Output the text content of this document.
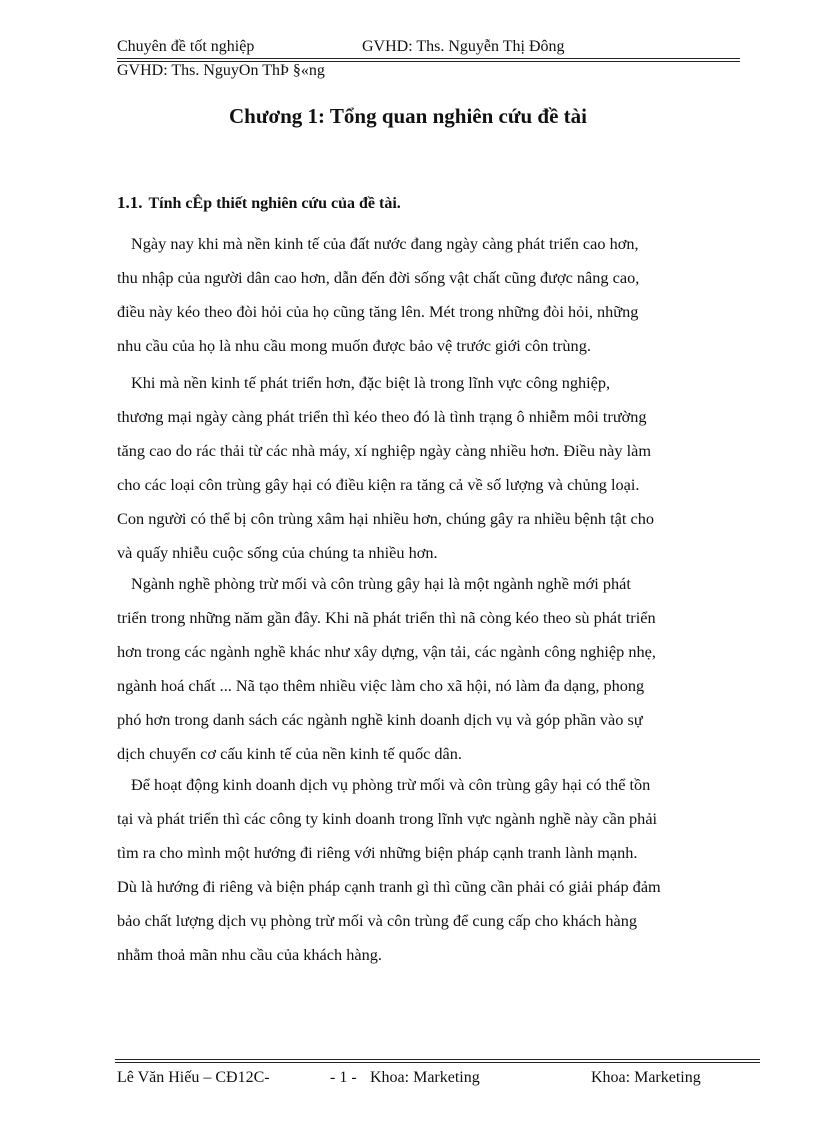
Chuyên đề tốt nghiệp	GVHD: Ths. Nguyễn Thị Đông
GVHD: Ths. NguyOn ThÞ §«ng
Chương 1: Tổng quan nghiên cứu đề tài
1.1. Tính cÊp thiết nghiên cứu của đề tài.
Ngày nay khi mà nền kinh tế của đất nước đang ngày càng phát triển cao hơn,
thu nhập của người dân cao hơn, dẫn đến đời sống vật chất cũng được nâng cao,
điều này kéo theo đòi hỏi của họ cũng tăng lên. Mét trong những đòi hỏi, những
nhu cầu của họ là nhu cầu mong muốn được bảo vệ trước giới côn trùng.
Khi mà nền kinh tế phát triển hơn, đặc biệt là trong lĩnh vực công nghiệp,
thương mại ngày càng phát triển thì kéo theo đó là tình trạng ô nhiễm môi trường
tăng cao do rác thải từ các nhà máy, xí nghiệp ngày càng nhiều hơn. Điều này làm
cho các loại côn trùng gây hại có điều kiện ra tăng cả về số lượng và chủng loại.
Con người có thể bị côn trùng xâm hại nhiều hơn, chúng gây ra nhiều bệnh tật cho
và quấy nhiễu cuộc sống của chúng ta nhiều hơn.
Ngành nghề phòng trừ mối và côn trùng gây hại là một ngành nghề mới phát
triển trong những năm gần đây. Khi nã phát triển thì nã còng kéo theo sù phát triển
hơn trong các ngành nghề khác như xây dựng, vận tải, các ngành công nghiệp nhẹ,
ngành hoá chất ... Nã tạo thêm nhiều việc làm cho xã hội, nó làm đa dạng, phong
phó hơn trong danh sách các ngành nghề kinh doanh dịch vụ và góp phần vào sự
dịch chuyển cơ cấu kinh tế của nền kinh tế quốc dân.
Để hoạt động kinh doanh dịch vụ phòng trừ mối và côn trùng gây hại có thể tồn
tại và phát triển thì các công ty kinh doanh trong lĩnh vực ngành nghề này cần phải
tìm ra cho mình một hướng đi riêng với những biện pháp cạnh tranh lành mạnh.
Dù là hướng đi riêng và biện pháp cạnh tranh gì thì cũng cần phải có giải pháp đảm
bảo chất lượng dịch vụ phòng trừ mối và côn trùng để cung cấp cho khách hàng
nhằm thoả mãn nhu cầu của khách hàng.
Lê Văn Hiếu – CĐ12C-	- 1 - Khoa: Marketing	Khoa: Marketing
